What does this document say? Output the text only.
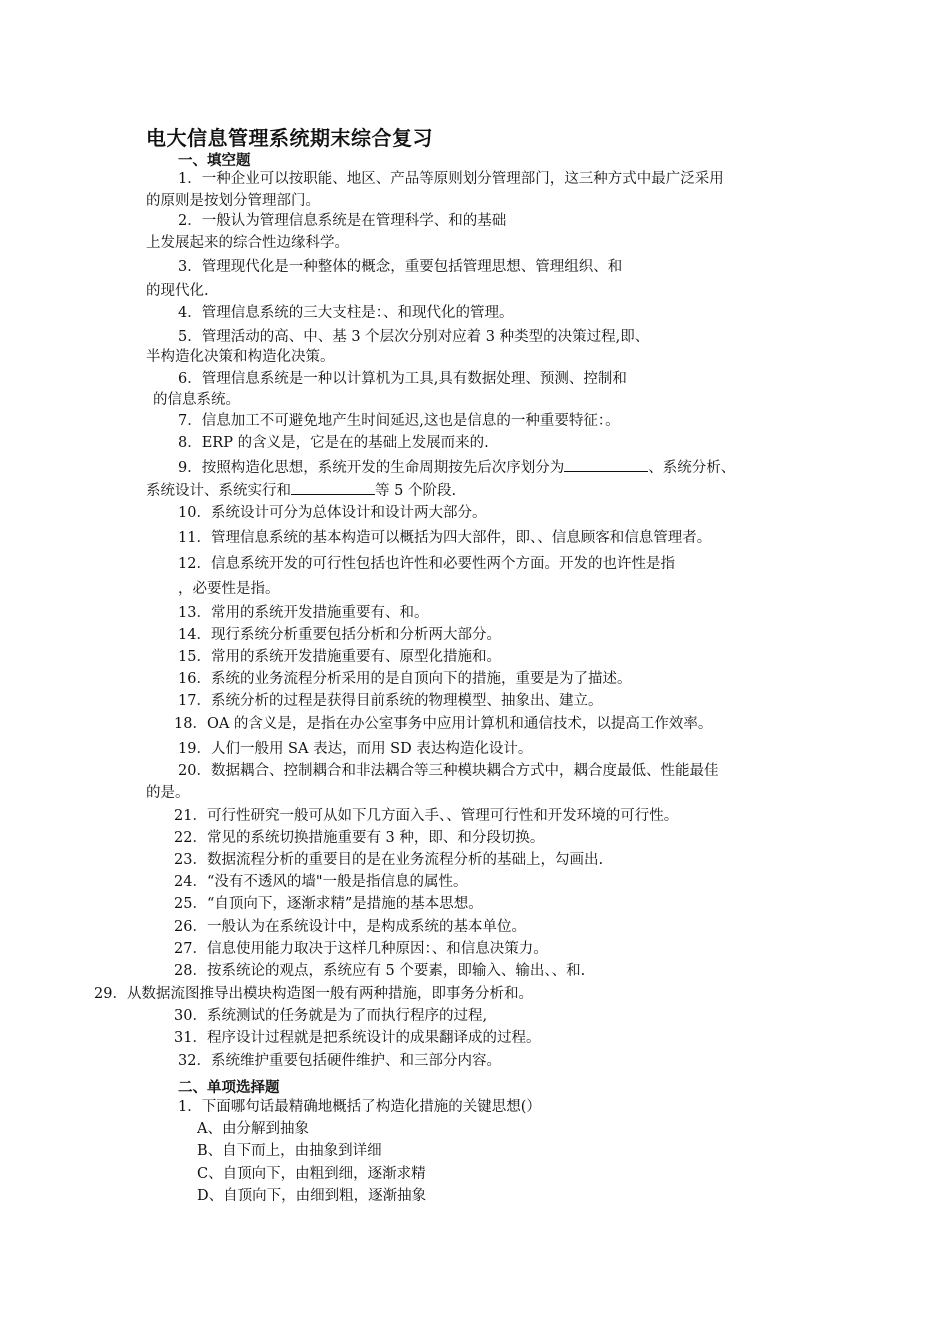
电大信息管理系统期末综合复习
一、填空题
1．一种企业可以按职能、地区、产品等原则划分管理部门，这三种方式中最广泛采用
的原则是按划分管理部门。
2．一般认为管理信息系统是在管理科学、和的基础
上发展起来的综合性边缘科学。
3．管理现代化是一种整体的概念，重要包括管理思想、管理组织、和
的现代化.
4．管理信息系统的三大支柱是：、和现代化的管理。
5．管理活动的高、中、基 3 个层次分别对应着 3 种类型的决策过程,即、
半构造化决策和构造化决策。
6．管理信息系统是一种以计算机为工具,具有数据处理、预测、控制和
的信息系统。
7．信息加工不可避免地产生时间延迟,这也是信息的一种重要特征：。
8．ERP 的含义是，它是在的基础上发展而来的.
9．按照构造化思想，系统开发的生命周期按先后次序划分为	、系统分析、
系统设计、系统实行和	等 5 个阶段.
10．系统设计可分为总体设计和设计两大部分。
11．管理信息系统的基本构造可以概括为四大部件，即、、信息顾客和信息管理者。
12．信息系统开发的可行性包括也许性和必要性两个方面。开发的也许性是指
，必要性是指。
13．常用的系统开发措施重要有、和。
14．现行系统分析重要包括分析和分析两大部分。
15．常用的系统开发措施重要有、原型化措施和。
16．系统的业务流程分析采用的是自顶向下的措施，重要是为了描述。
17．系统分析的过程是获得目前系统的物理模型、抽象出、建立。
18．OA 的含义是，是指在办公室事务中应用计算机和通信技术，以提高工作效率。
19．人们一般用 SA 表达，而用 SD 表达构造化设计。
20．数据耦合、控制耦合和非法耦合等三种模块耦合方式中，耦合度最低、性能最佳
的是。
21．可行性研究一般可从如下几方面入手、、管理可行性和开发环境的可行性。
22．常见的系统切换措施重要有 3 种，即、和分段切换。
23．数据流程分析的重要目的是在业务流程分析的基础上，勾画出.
24．“没有不透风的墙"一般是指信息的属性。
25．“自顶向下，逐渐求精”是措施的基本思想。
26．一般认为在系统设计中，是构成系统的基本单位。
27．信息使用能力取决于这样几种原因：、和信息决策力。
28．按系统论的观点，系统应有 5 个要素，即输入、输出、、和.
29．从数据流图推导出模块构造图一般有两种措施，即事务分析和。
30．系统测试的任务就是为了而执行程序的过程,
31．程序设计过程就是把系统设计的成果翻译成的过程。
32．系统维护重要包括硬件维护、和三部分内容。
二、单项选择题
1．下面哪句话最精确地概括了构造化措施的关键思想(）
A、由分解到抽象
B、自下而上，由抽象到详细
C、自顶向下，由粗到细，逐渐求精
D、自顶向下，由细到粗，逐渐抽象
